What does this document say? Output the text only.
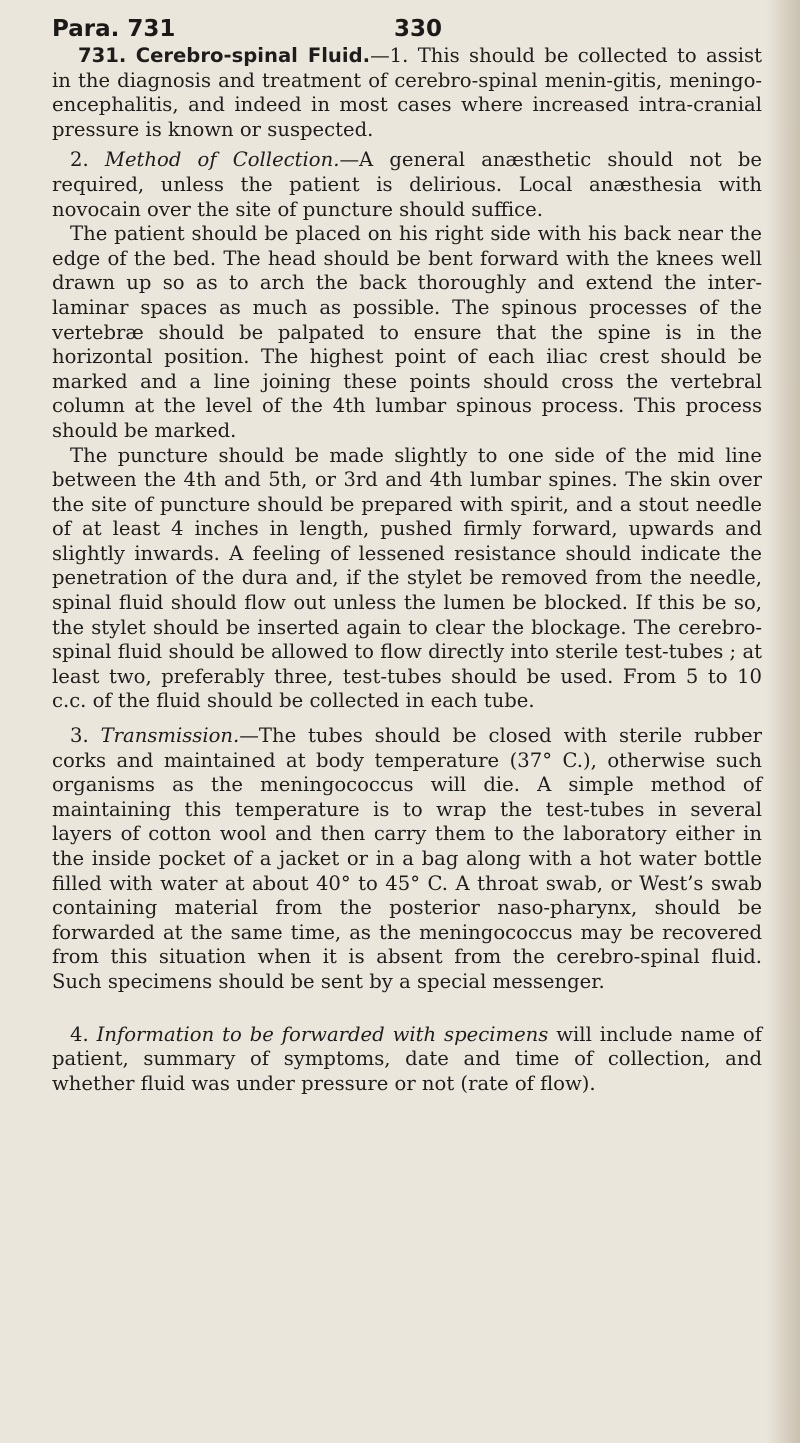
Para. 731	330

731. Cerebro-spinal Fluid.—1. This should be collected to assist in the diagnosis and treatment of cerebro-spinal menin-gitis, meningo-encephalitis, and indeed in most cases where increased intra-cranial pressure is known or suspected.

2. Method of Collection.—A general anæsthetic should not be required, unless the patient is delirious. Local anæsthesia with novocain over the site of puncture should suffice.

The patient should be placed on his right side with his back near the edge of the bed. The head should be bent forward with the knees well drawn up so as to arch the back thoroughly and extend the inter-laminar spaces as much as possible. The spinous processes of the vertebræ should be palpated to ensure that the spine is in the horizontal position. The highest point of each iliac crest should be marked and a line joining these points should cross the vertebral column at the level of the 4th lumbar spinous process. This process should be marked.

The puncture should be made slightly to one side of the mid line between the 4th and 5th, or 3rd and 4th lumbar spines. The skin over the site of puncture should be prepared with spirit, and a stout needle of at least 4 inches in length, pushed firmly forward, upwards and slightly inwards. A feeling of lessened resistance should indicate the penetration of the dura and, if the stylet be removed from the needle, spinal fluid should flow out unless the lumen be blocked. If this be so, the stylet should be inserted again to clear the blockage. The cerebro-spinal fluid should be allowed to flow directly into sterile test-tubes ; at least two, preferably three, test-tubes should be used. From 5 to 10 c.c. of the fluid should be collected in each tube.

3. Transmission.—The tubes should be closed with sterile rubber corks and maintained at body temperature (37° C.), otherwise such organisms as the meningococcus will die. A simple method of maintaining this temperature is to wrap the test-tubes in several layers of cotton wool and then carry them to the laboratory either in the inside pocket of a jacket or in a bag along with a hot water bottle filled with water at about 40° to 45° C. A throat swab, or West’s swab containing material from the posterior naso-pharynx, should be forwarded at the same time, as the meningococcus may be recovered from this situation when it is absent from the cerebro-spinal fluid. Such specimens should be sent by a special messenger.

4. Information to be forwarded with specimens will include name of patient, summary of symptoms, date and time of collection, and whether fluid was under pressure or not (rate of flow).
